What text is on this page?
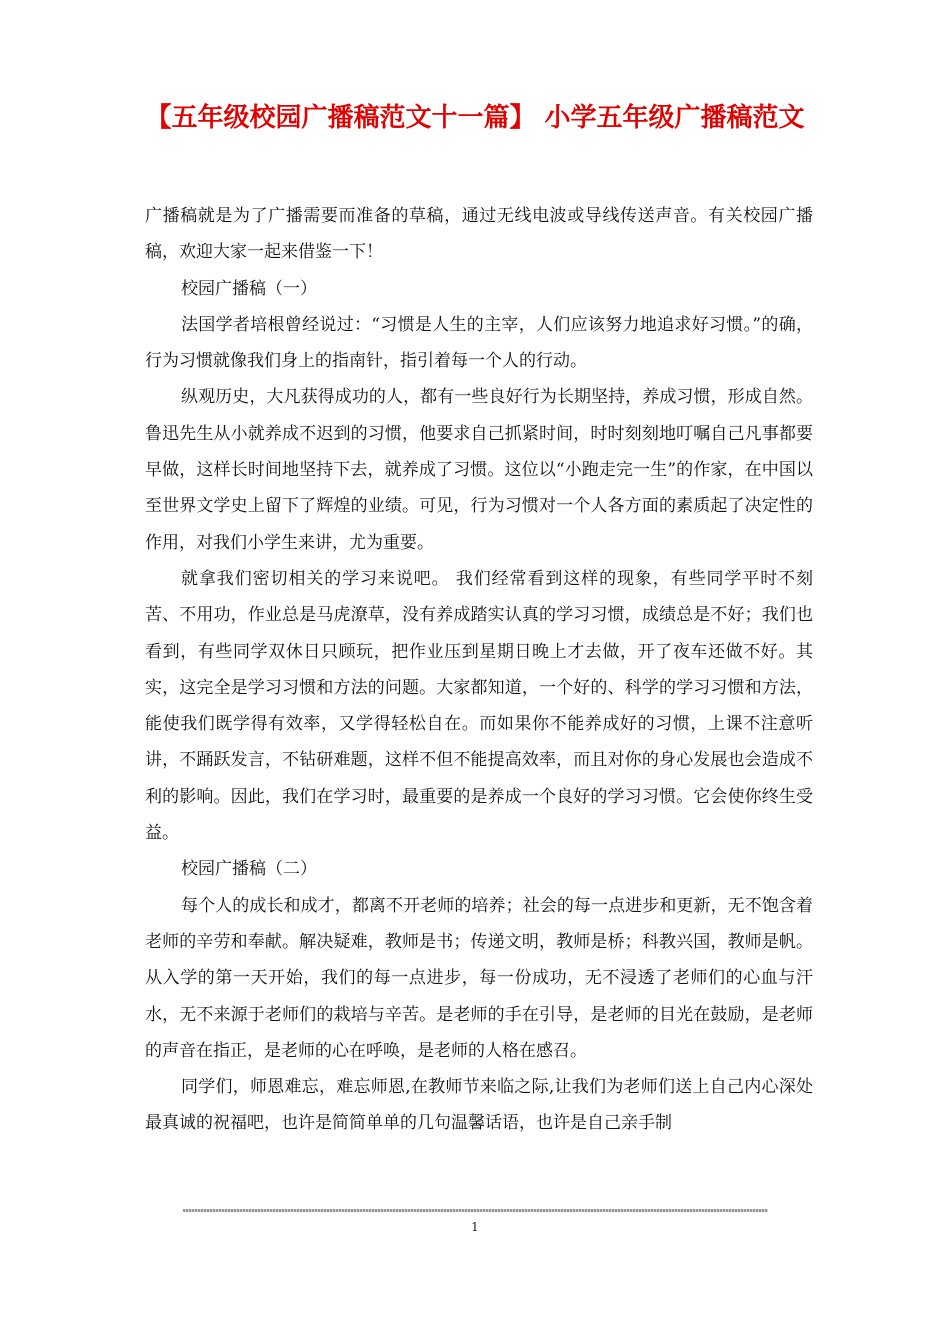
【五年级校园广播稿范文十一篇】 小学五年级广播稿范文

广播稿就是为了广播需要而准备的草稿，通过无线电波或导线传送声音。有关校园广播稿，欢迎大家一起来借鉴一下！

校园广播稿（一）

法国学者培根曾经说过：“习惯是人生的主宰，人们应该努力地追求好习惯。”的确，行为习惯就像我们身上的指南针，指引着每一个人的行动。

纵观历史，大凡获得成功的人，都有一些良好行为长期坚持，养成习惯，形成自然。鲁迅先生从小就养成不迟到的习惯，他要求自己抓紧时间，时时刻刻地叮嘱自己凡事都要早做，这样长时间地坚持下去，就养成了习惯。这位以“小跑走完一生”的作家，在中国以至世界文学史上留下了辉煌的业绩。可见，行为习惯对一个人各方面的素质起了决定性的作用，对我们小学生来讲，尤为重要。

就拿我们密切相关的学习来说吧。 我们经常看到这样的现象，有些同学平时不刻苦、不用功，作业总是马虎潦草，没有养成踏实认真的学习习惯，成绩总是不好；我们也看到，有些同学双休日只顾玩，把作业压到星期日晚上才去做，开了夜车还做不好。其实，这完全是学习习惯和方法的问题。大家都知道，一个好的、科学的学习习惯和方法，能使我们既学得有效率，又学得轻松自在。而如果你不能养成好的习惯，上课不注意听讲，不踊跃发言，不钻研难题，这样不但不能提高效率，而且对你的身心发展也会造成不利的影响。因此，我们在学习时，最重要的是养成一个良好的学习习惯。它会使你终生受益。

校园广播稿（二）

每个人的成长和成才，都离不开老师的培养；社会的每一点进步和更新，无不饱含着老师的辛劳和奉献。解决疑难，教师是书；传递文明，教师是桥；科教兴国，教师是帆。从入学的第一天开始，我们的每一点进步，每一份成功，无不浸透了老师们的心血与汗水，无不来源于老师们的栽培与辛苦。是老师的手在引导，是老师的目光在鼓励，是老师的声音在指正，是老师的心在呼唤，是老师的人格在感召。

同学们，师恩难忘，难忘师恩,在教师节来临之际,让我们为老师们送上自己内心深处最真诚的祝福吧，也许是简简单单的几句温馨话语，也许是自己亲手制

1
